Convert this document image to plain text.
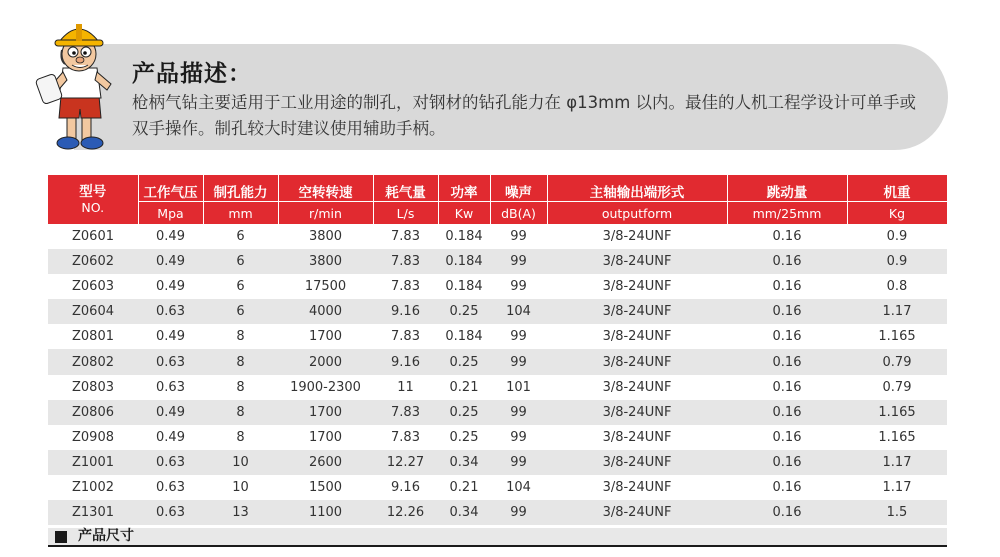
产品描述：
枪柄气钻主要适用于工业用途的制孔，对钢材的钻孔能力在 φ13mm 以内。最佳的人机工程学设计可单手或双手操作。制孔较大时建议使用辅助手柄。
型号
NO.	工作气压	制孔能力	空转转速	耗气量	功率	噪声	主轴输出端形式	跳动量	机重
	Mpa	mm	r/min	L/s	Kw	dB(A)	outputform	mm/25mm	Kg
Z0601	0.49	6	3800	7.83	0.184	99	3/8-24UNF	0.16	0.9
Z0602	0.49	6	3800	7.83	0.184	99	3/8-24UNF	0.16	0.9
Z0603	0.49	6	17500	7.83	0.184	99	3/8-24UNF	0.16	0.8
Z0604	0.63	6	4000	9.16	0.25	104	3/8-24UNF	0.16	1.17
Z0801	0.49	8	1700	7.83	0.184	99	3/8-24UNF	0.16	1.165
Z0802	0.63	8	2000	9.16	0.25	99	3/8-24UNF	0.16	0.79
Z0803	0.63	8	1900-2300	11	0.21	101	3/8-24UNF	0.16	0.79
Z0806	0.49	8	1700	7.83	0.25	99	3/8-24UNF	0.16	1.165
Z0908	0.49	8	1700	7.83	0.25	99	3/8-24UNF	0.16	1.165
Z1001	0.63	10	2600	12.27	0.34	99	3/8-24UNF	0.16	1.17
Z1002	0.63	10	1500	9.16	0.21	104	3/8-24UNF	0.16	1.17
Z1301	0.63	13	1100	12.26	0.34	99	3/8-24UNF	0.16	1.5
产品尺寸
